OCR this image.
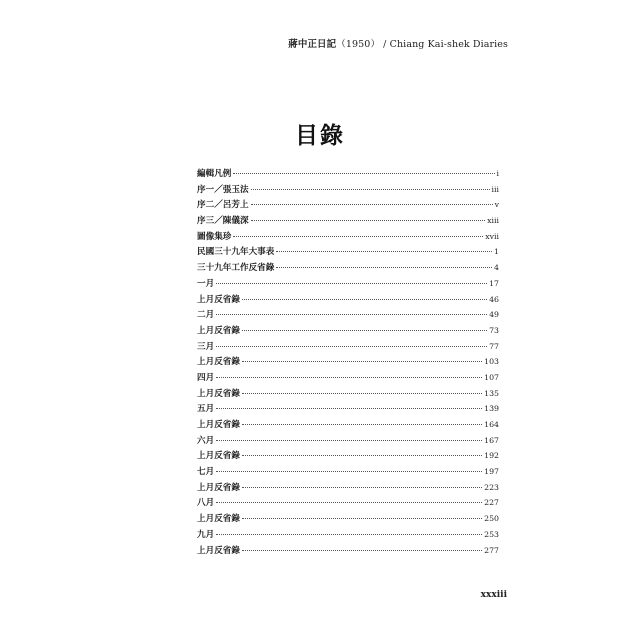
蔣中正日記（1950） / Chiang Kai-shek Diaries
目錄
編輯凡例	i
序一／張玉法	iii
序二／呂芳上	v
序三／陳儀深	xiii
圖像集珍	xvii
民國三十九年大事表	1
三十九年工作反省錄	4
一月	17
上月反省錄	46
二月	49
上月反省錄	73
三月	77
上月反省錄	103
四月	107
上月反省錄	135
五月	139
上月反省錄	164
六月	167
上月反省錄	192
七月	197
上月反省錄	223
八月	227
上月反省錄	250
九月	253
上月反省錄	277
xxxiii
